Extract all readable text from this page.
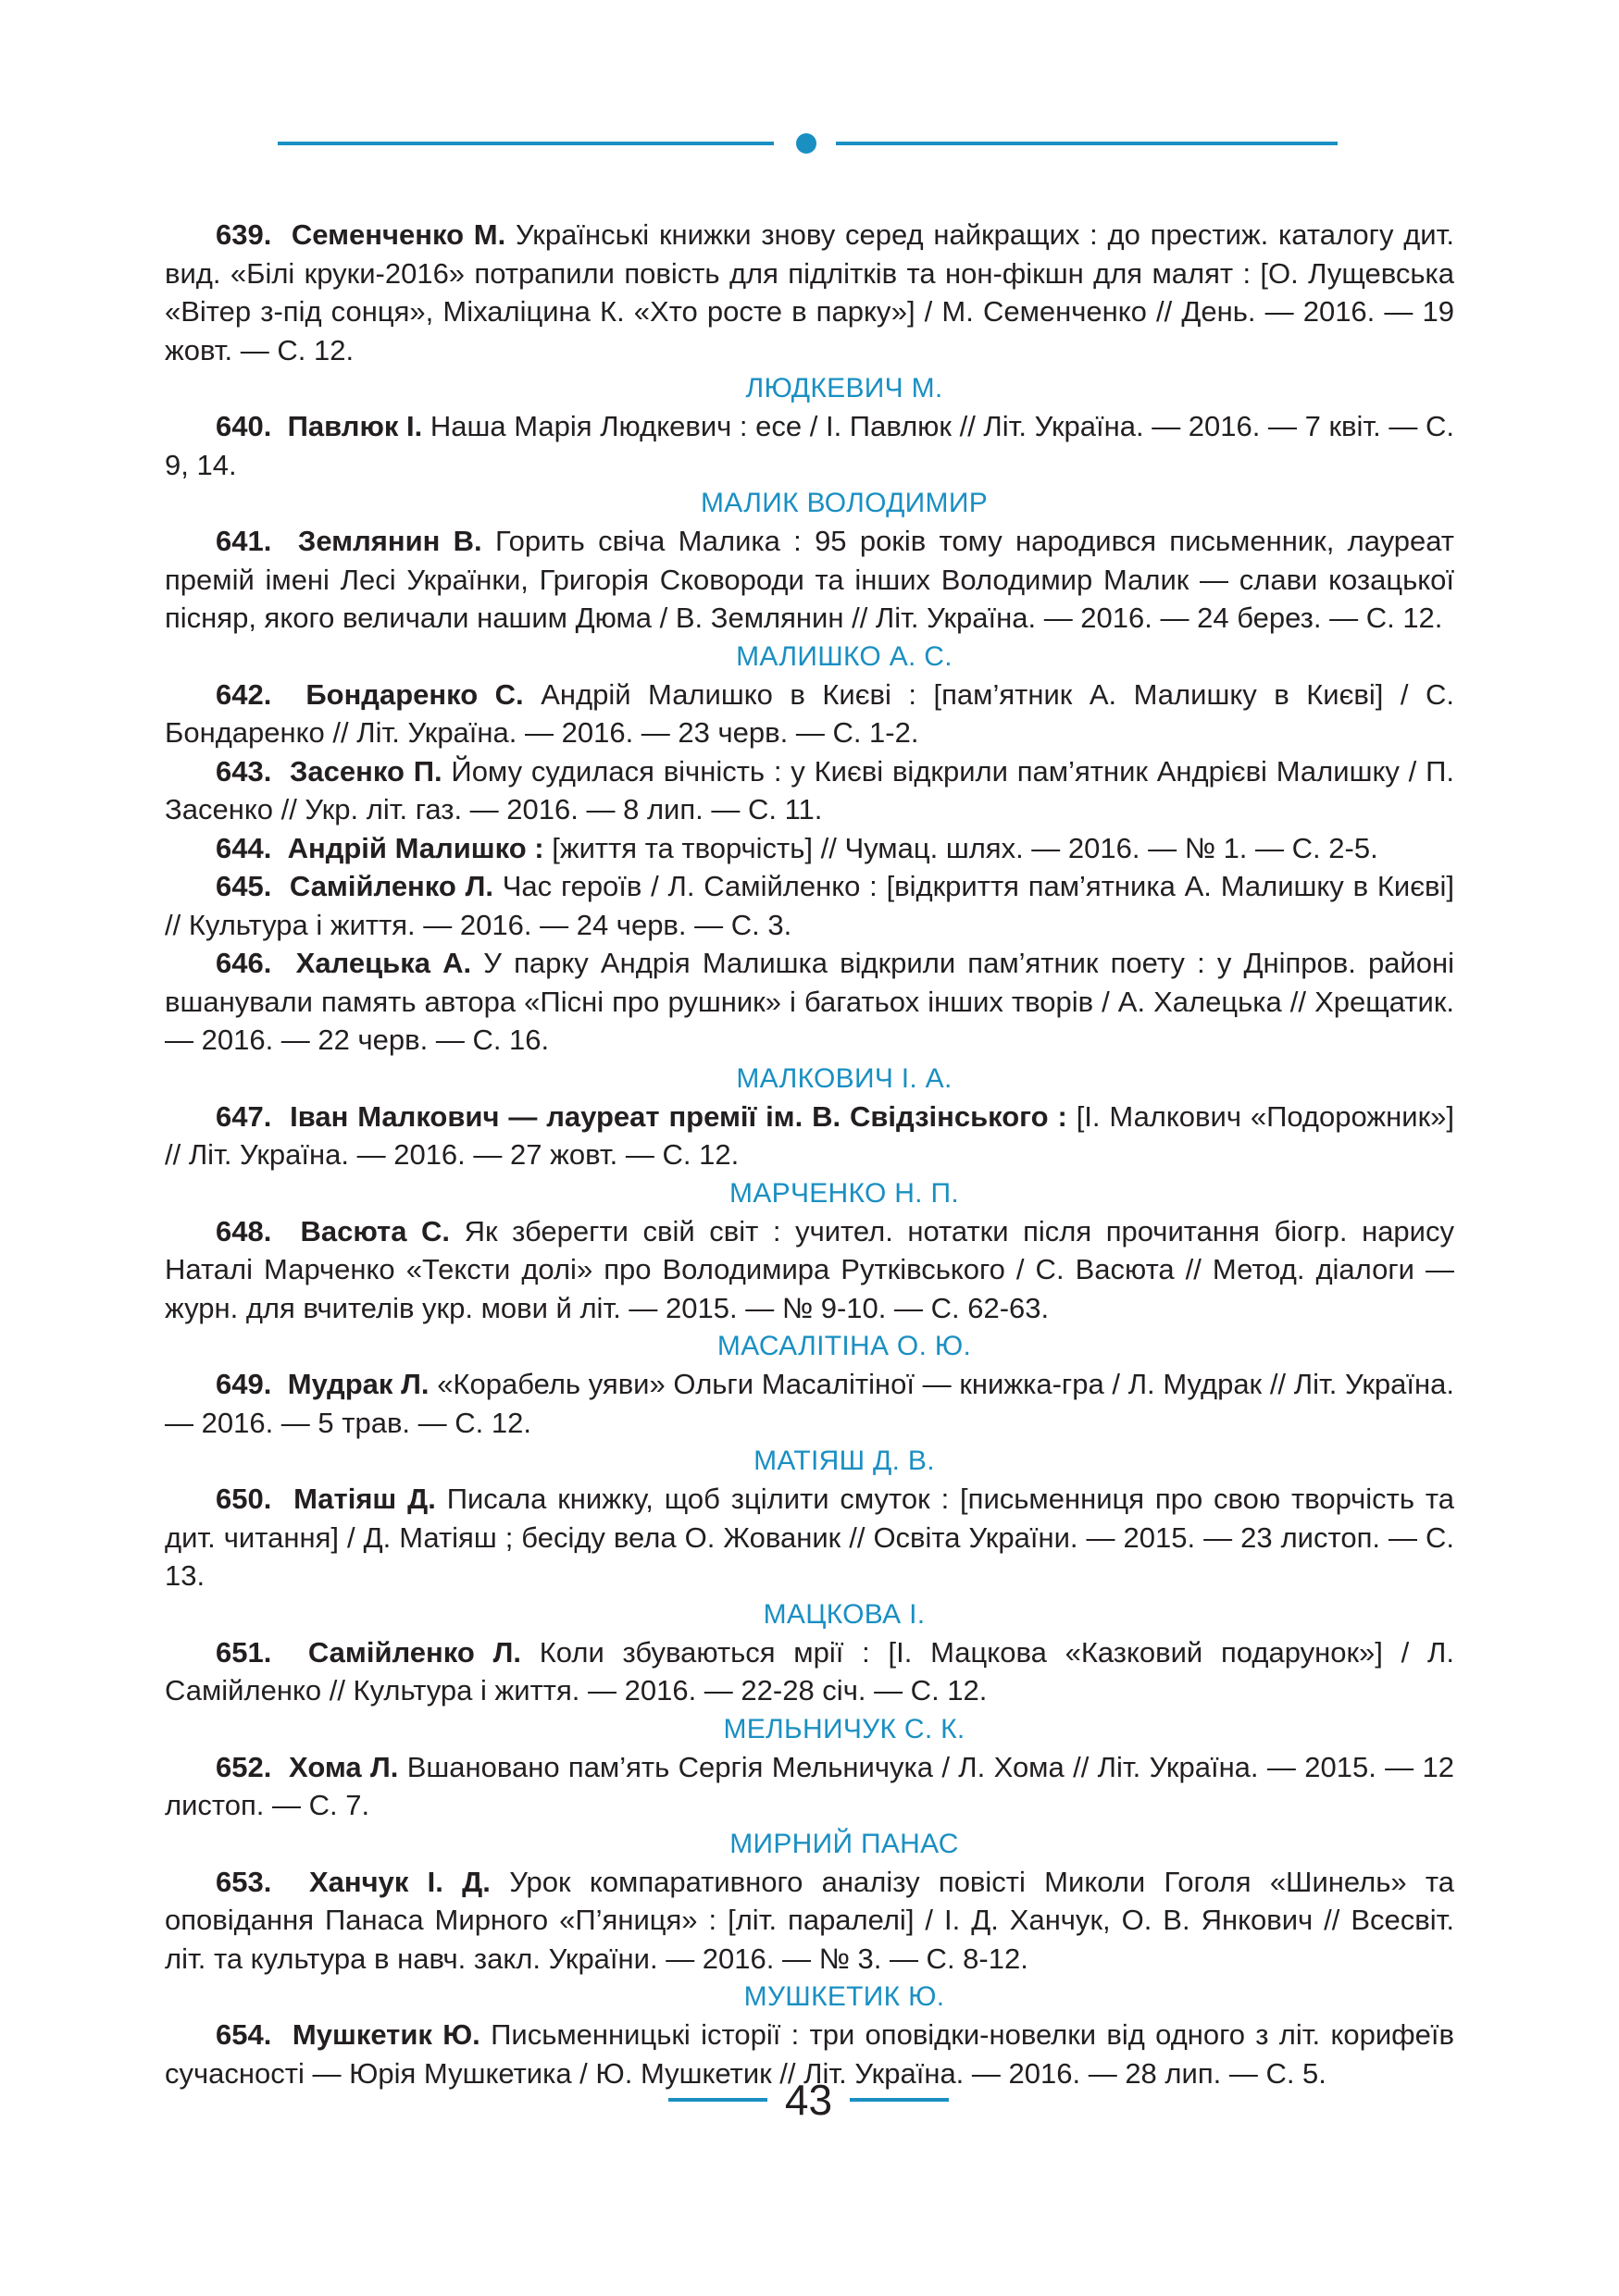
639. Семенченко М. Українські книжки знову серед найкращих : до престиж. каталогу дит. вид. «Білі круки-2016» потрапили повість для підлітків та нон-фікшн для малят : [О. Лущевська «Вітер з-під сонця», Міхаліцина К. «Хто росте в парку»] / М. Семенченко // День. — 2016. — 19 жовт. — С. 12.

ЛЮДКЕВИЧ М.

640. Павлюк І. Наша Марія Людкевич : есе / І. Павлюк // Літ. Україна. — 2016. — 7 квіт. — С. 9, 14.

МАЛИК ВОЛОДИМИР

641. Землянин В. Горить свіча Малика : 95 років тому народився письменник, лауреат премій імені Лесі Українки, Григорія Сковороди та інших Володимир Малик — слави козацької пісняр, якого величали нашим Дюма / В. Землянин // Літ. Україна. — 2016. — 24 берез. — С. 12.

МАЛИШКО А. С.

642. Бондаренко С. Андрій Малишко в Києві : [пам’ятник А. Малишку в Києві] / С. Бондаренко // Літ. Україна. — 2016. — 23 черв. — С. 1-2.

643. Засенко П. Йому судилася вічність : у Києві відкрили пам’ятник Андрієві Малишку / П. Засенко // Укр. літ. газ. — 2016. — 8 лип. — С. 11.

644. Андрій Малишко : [життя та творчість] // Чумац. шлях. — 2016. — № 1. — С. 2-5.

645. Самійленко Л. Час героїв / Л. Самійленко : [відкриття пам’ятника А. Малишку в Києві] // Культура і життя. — 2016. — 24 черв. — С. 3.

646. Халецька А. У парку Андрія Малишка відкрили пам’ятник поету : у Дніпров. районі вшанували память автора «Пісні про рушник» і багатьох інших творів / А. Халецька // Хрещатик. — 2016. — 22 черв. — С. 16.

МАЛКОВИЧ І. А.

647. Іван Малкович — лауреат премії ім. В. Свідзінського : [І. Малкович «Подорожник»] // Літ. Україна. — 2016. — 27 жовт. — С. 12.

МАРЧЕНКО Н. П.

648. Васюта С. Як зберегти свій світ : учител. нотатки після прочитання біогр. нарису Наталі Марченко «Тексти долі» про Володимира Рутківського / С. Васюта // Метод. діалоги — журн. для вчителів укр. мови й літ. — 2015. — № 9-10. — С. 62-63.

МАСАЛІТІНА О. Ю.

649. Мудрак Л. «Корабель уяви» Ольги Масалітіної — книжка-гра / Л. Мудрак // Літ. Україна. — 2016. — 5 трав. — С. 12.

МАТІЯШ Д. В.

650. Матіяш Д. Писала книжку, щоб зцілити смуток : [письменниця про свою творчість та дит. читання] / Д. Матіяш ; бесіду вела О. Жованик // Освіта України. — 2015. — 23 листоп. — С. 13.

МАЦКОВА І.

651. Самійленко Л. Коли збуваються мрії : [І. Мацкова «Казковий подарунок»] / Л. Самійленко // Культура і життя. — 2016. — 22-28 січ. — С. 12.

МЕЛЬНИЧУК С. К.

652. Хома Л. Вшановано пам’ять Сергія Мельничука / Л. Хома // Літ. Україна. — 2015. — 12 листоп. — С. 7.

МИРНИЙ ПАНАС

653. Ханчук І. Д. Урок компаративного аналізу повісті Миколи Гоголя «Шинель» та оповідання Панаса Мирного «П’яниця» : [літ. паралелі] / І. Д. Ханчук, О. В. Янкович // Всесвіт. літ. та культура в навч. закл. України. — 2016. — № 3. — С. 8-12.

МУШКЕТИК Ю.

654. Мушкетик Ю. Письменницькі історії : три оповідки-новелки від одного з літ. корифеїв сучасності — Юрія Мушкетика / Ю. Мушкетик // Літ. Україна. — 2016. — 28 лип. — С. 5.

43
